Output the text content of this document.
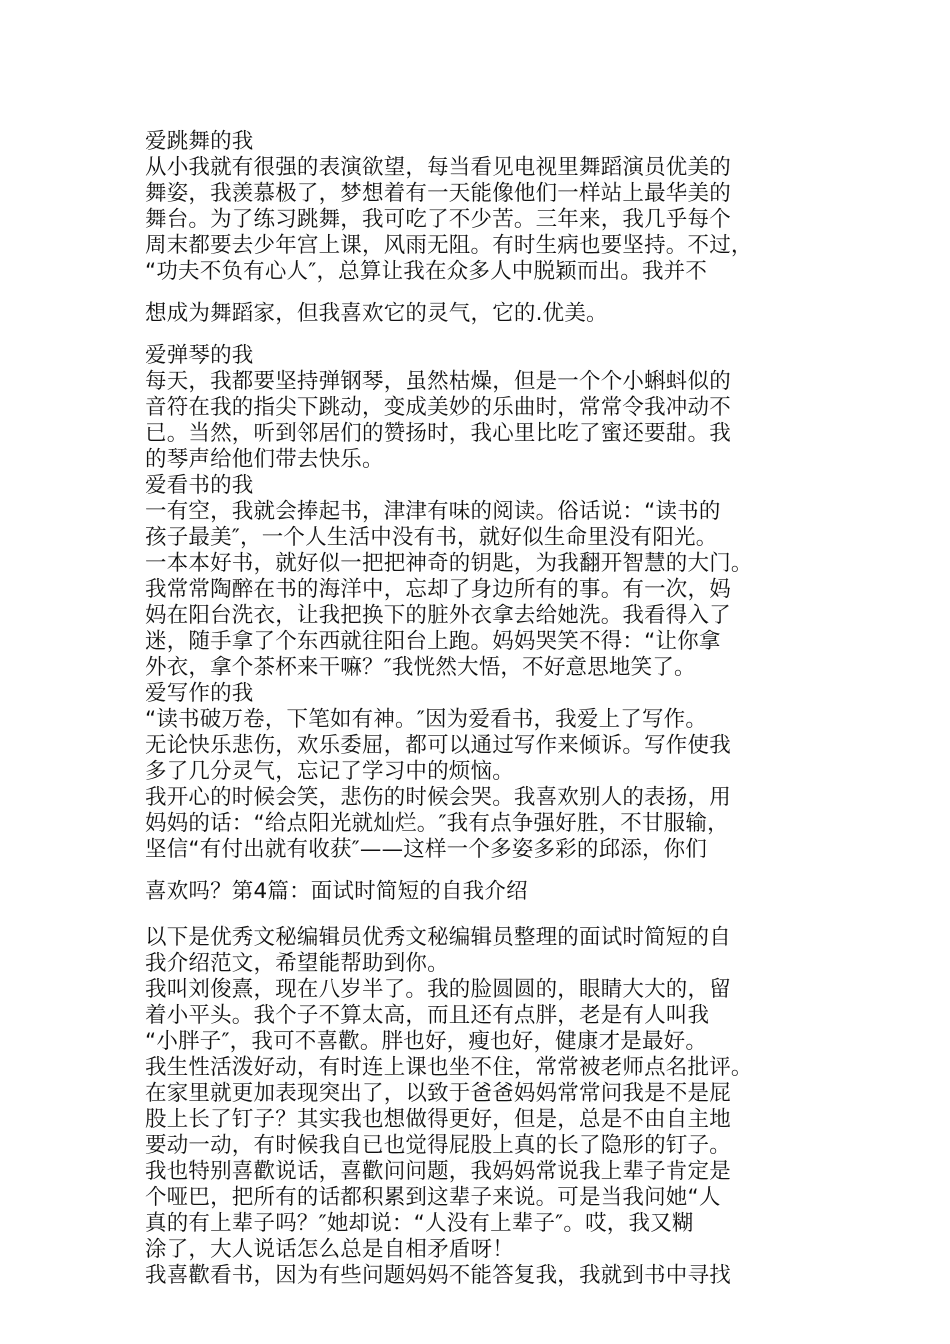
爱跳舞的我
从小我就有很强的表演欲望，每当看见电视里舞蹈演员优美的
舞姿，我羡慕极了，梦想着有一天能像他们一样站上最华美的
舞台。为了练习跳舞，我可吃了不少苦。三年来，我几乎每个
周末都要去少年宫上课，风雨无阻。有时生病也要坚持。不过，
“功夫不负有心人″，总算让我在众多人中脱颖而出。我并不
想成为舞蹈家，但我喜欢它的灵气，它的.优美。
爱弹琴的我
每天，我都要坚持弹钢琴，虽然枯燥，但是一个个小蝌蚪似的
音符在我的指尖下跳动，变成美妙的乐曲时，常常令我冲动不
已。当然，听到邻居们的赞扬时，我心里比吃了蜜还要甜。我
的琴声给他们带去快乐。
爱看书的我
一有空，我就会捧起书，津津有味的阅读。俗话说：“读书的
孩子最美″，一个人生活中没有书，就好似生命里没有阳光。
一本本好书，就好似一把把神奇的钥匙，为我翻开智慧的大门。
我常常陶醉在书的海洋中，忘却了身边所有的事。有一次，妈
妈在阳台洗衣，让我把换下的脏外衣拿去给她洗。我看得入了
迷，随手拿了个东西就往阳台上跑。妈妈哭笑不得：“让你拿
外衣，拿个茶杯来干嘛？″我恍然大悟，不好意思地笑了。
爱写作的我
“读书破万卷，下笔如有神。″因为爱看书，我爱上了写作。
无论快乐悲伤，欢乐委屈，都可以通过写作来倾诉。写作使我
多了几分灵气，忘记了学习中的烦恼。
我开心的时候会笑，悲伤的时候会哭。我喜欢别人的表扬，用
妈妈的话：“给点阳光就灿烂。″我有点争强好胜，不甘服输，
坚信“有付出就有收获″——这样一个多姿多彩的邱添，你们
喜欢吗？第4篇：面试时简短的自我介绍
以下是优秀文秘编辑员优秀文秘编辑员整理的面试时简短的自
我介绍范文，希望能帮助到你。
我叫刘俊熹，现在八岁半了。我的脸圆圆的，眼睛大大的，留
着小平头。我个子不算太高，而且还有点胖，老是有人叫我
“小胖子″，我可不喜歡。胖也好，瘦也好，健康才是最好。
我生性活泼好动，有时连上课也坐不住，常常被老师点名批评。
在家里就更加表现突出了，以致于爸爸妈妈常常问我是不是屁
股上长了钉子？其实我也想做得更好，但是，总是不由自主地
要动一动，有时候我自已也觉得屁股上真的长了隐形的钉子。
我也特别喜歡说话，喜歡问问题，我妈妈常说我上辈子肯定是
个哑巴，把所有的话都积累到这辈子来说。可是当我问她“人
真的有上辈子吗？″她却说：“人没有上辈子″。哎，我又糊
涂了，大人说话怎么总是自相矛盾呀！
我喜歡看书，因为有些问题妈妈不能答复我，我就到书中寻找
